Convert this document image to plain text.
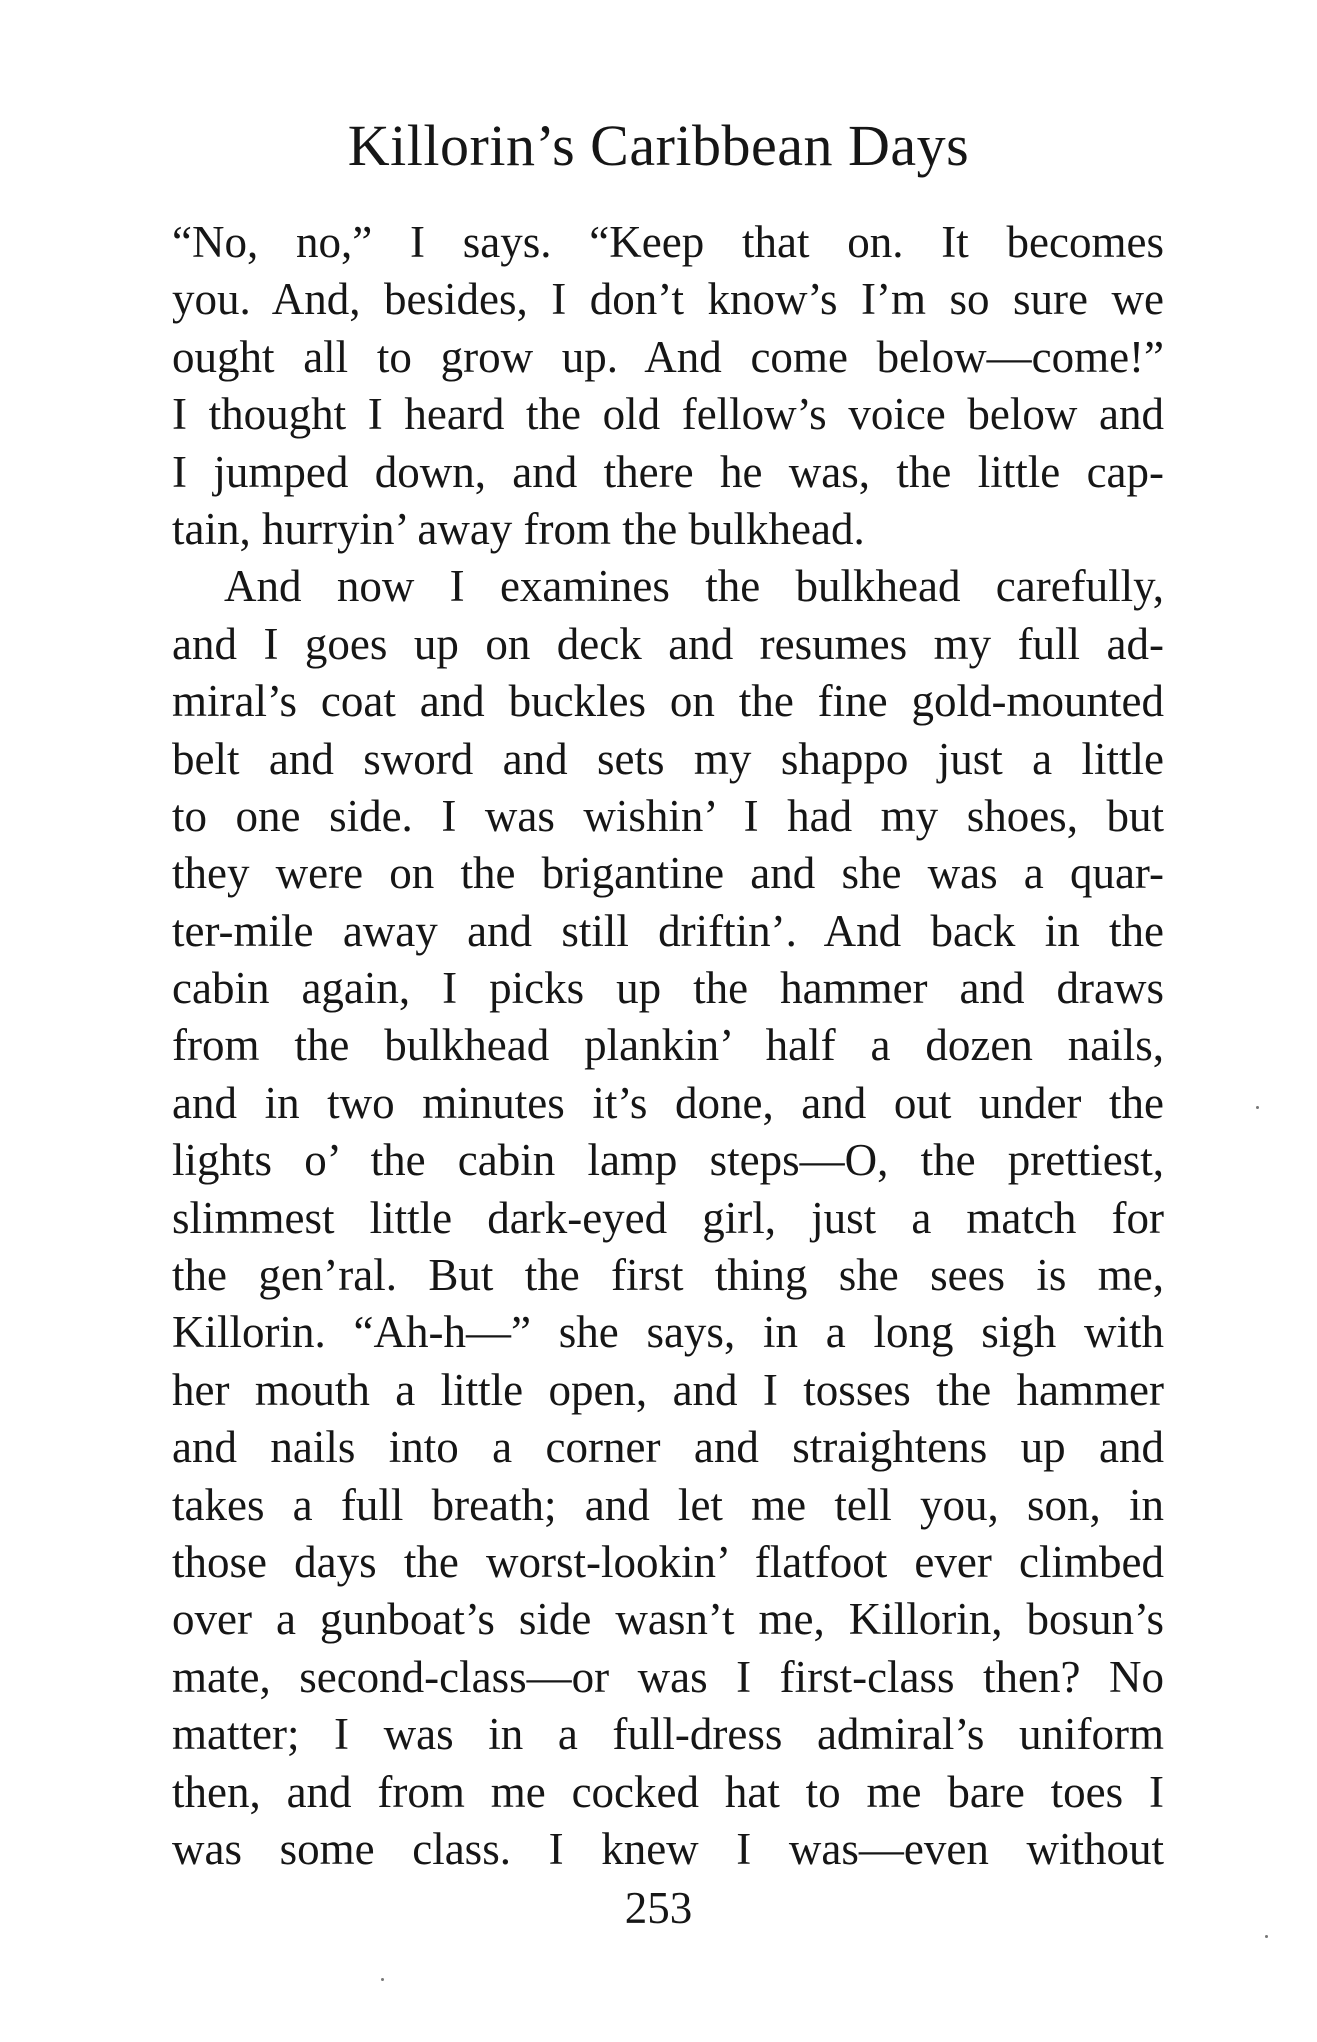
Killorin’s Caribbean Days
“No, no,” I says. “Keep that on. It becomes
you. And, besides, I don’t know’s I’m so sure we
ought all to grow up. And come below—come!”
I thought I heard the old fellow’s voice below and
I jumped down, and there he was, the little cap-
tain, hurryin’ away from the bulkhead.
And now I examines the bulkhead carefully,
and I goes up on deck and resumes my full ad-
miral’s coat and buckles on the fine gold-mounted
belt and sword and sets my shappo just a little
to one side. I was wishin’ I had my shoes, but
they were on the brigantine and she was a quar-
ter-mile away and still driftin’. And back in the
cabin again, I picks up the hammer and draws
from the bulkhead plankin’ half a dozen nails,
and in two minutes it’s done, and out under the
lights o’ the cabin lamp steps—O, the prettiest,
slimmest little dark-eyed girl, just a match for
the gen’ral. But the first thing she sees is me,
Killorin. “Ah-h—” she says, in a long sigh with
her mouth a little open, and I tosses the hammer
and nails into a corner and straightens up and
takes a full breath; and let me tell you, son, in
those days the worst-lookin’ flatfoot ever climbed
over a gunboat’s side wasn’t me, Killorin, bosun’s
mate, second-class—or was I first-class then? No
matter; I was in a full-dress admiral’s uniform
then, and from me cocked hat to me bare toes I
was some class. I knew I was—even without
253
